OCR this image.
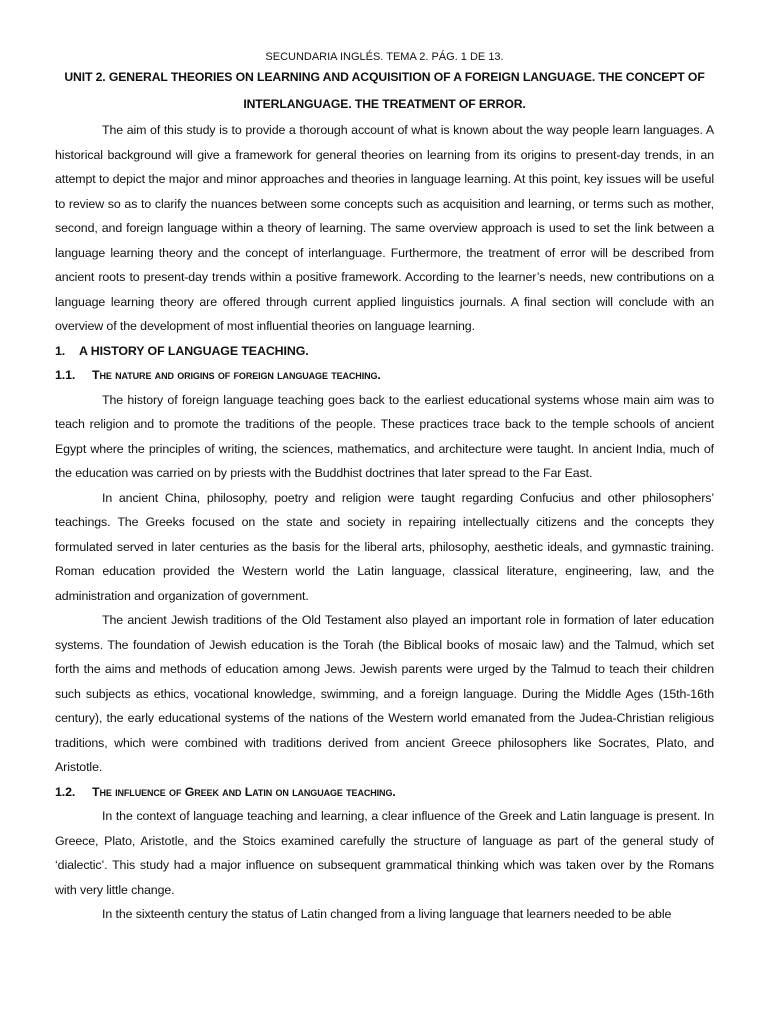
SECUNDARIA INGLÉS. TEMA 2. PÁG. 1 DE 13.
UNIT 2. GENERAL THEORIES ON LEARNING AND ACQUISITION OF A FOREIGN LANGUAGE. THE CONCEPT OF INTERLANGUAGE. THE TREATMENT OF ERROR.

The aim of this study is to provide a thorough account of what is known about the way people learn languages. A historical background will give a framework for general theories on learning from its origins to present-day trends, in an attempt to depict the major and minor approaches and theories in language learning. At this point, key issues will be useful to review so as to clarify the nuances between some concepts such as acquisition and learning, or terms such as mother, second, and foreign language within a theory of learning. The same overview approach is used to set the link between a language learning theory and the concept of interlanguage. Furthermore, the treatment of error will be described from ancient roots to present-day trends within a positive framework. According to the learner’s needs, new contributions on a language learning theory are offered through current applied linguistics journals. A final section will conclude with an overview of the development of most influential theories on language learning.

1. A HISTORY OF LANGUAGE TEACHING.
1.1. The nature and origins of foreign language teaching.

The history of foreign language teaching goes back to the earliest educational systems whose main aim was to teach religion and to promote the traditions of the people. These practices trace back to the temple schools of ancient Egypt where the principles of writing, the sciences, mathematics, and architecture were taught. In ancient India, much of the education was carried on by priests with the Buddhist doctrines that later spread to the Far East.

In ancient China, philosophy, poetry and religion were taught regarding Confucius and other philosophers’ teachings. The Greeks focused on the state and society in repairing intellectually citizens and the concepts they formulated served in later centuries as the basis for the liberal arts, philosophy, aesthetic ideals, and gymnastic training. Roman education provided the Western world the Latin language, classical literature, engineering, law, and the administration and organization of government.

The ancient Jewish traditions of the Old Testament also played an important role in formation of later education systems. The foundation of Jewish education is the Torah (the Biblical books of mosaic law) and the Talmud, which set forth the aims and methods of education among Jews. Jewish parents were urged by the Talmud to teach their children such subjects as ethics, vocational knowledge, swimming, and a foreign language. During the Middle Ages (15th-16th century), the early educational systems of the nations of the Western world emanated from the Judea-Christian religious traditions, which were combined with traditions derived from ancient Greece philosophers like Socrates, Plato, and Aristotle.

1.2. The influence of Greek and Latin on language teaching.

In the context of language teaching and learning, a clear influence of the Greek and Latin language is present. In Greece, Plato, Aristotle, and the Stoics examined carefully the structure of language as part of the general study of ‘dialectic’. This study had a major influence on subsequent grammatical thinking which was taken over by the Romans with very little change.

In the sixteenth century the status of Latin changed from a living language that learners needed to be able
